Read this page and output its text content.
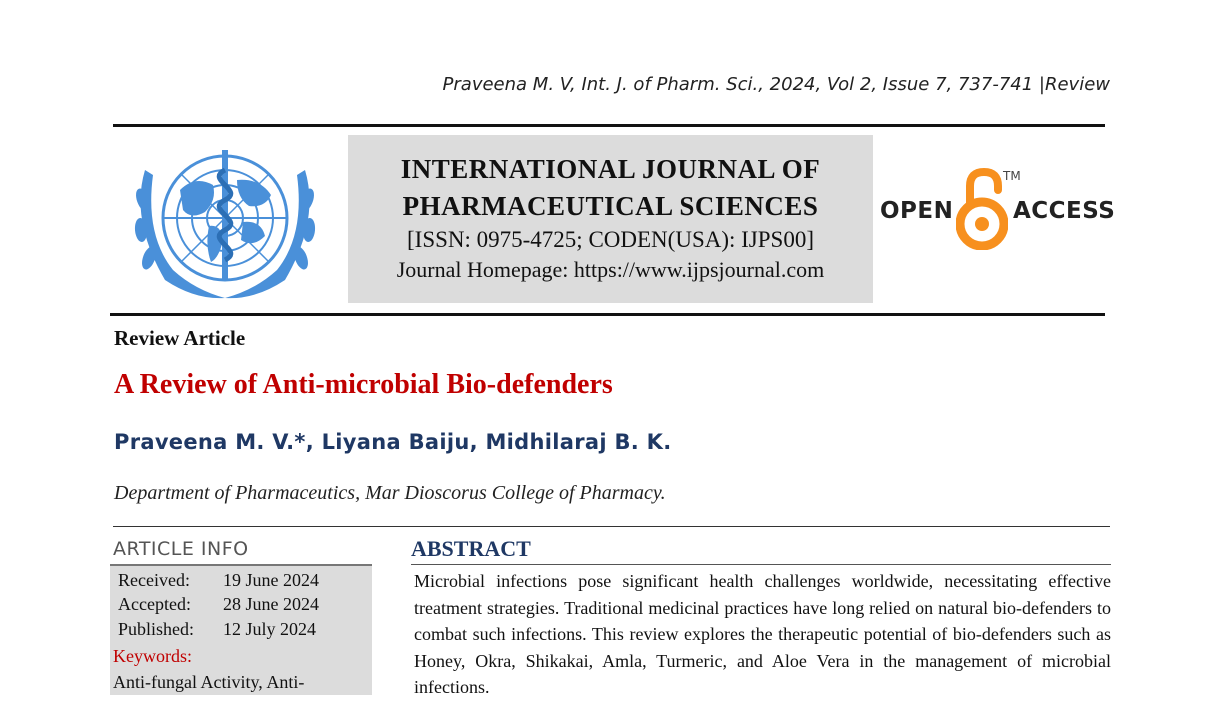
Praveena M. V, Int. J. of Pharm. Sci., 2024, Vol 2, Issue 7, 737-741 |Review
INTERNATIONAL JOURNAL OF
PHARMACEUTICAL SCIENCES
[ISSN: 0975-4725; CODEN(USA): IJPS00]
Journal Homepage: https://www.ijpsjournal.com
OPEN
TM
ACCESS
Review Article
A Review of Anti-microbial Bio-defenders
Praveena M. V.*, Liyana Baiju, Midhilaraj B. K.
Department of Pharmaceutics, Mar Dioscorus College of Pharmacy.
ARTICLE INFO
Received: 19 June 2024
Accepted: 28 June 2024
Published: 12 July 2024
Keywords:
Anti-fungal Activity, Anti-
ABSTRACT
Microbial infections pose significant health challenges worldwide, necessitating effective treatment strategies. Traditional medicinal practices have long relied on natural bio-defenders to combat such infections. This review explores the therapeutic potential of bio-defenders such as Honey, Okra, Shikakai, Amla, Turmeric, and Aloe Vera in the management of microbial infections.
